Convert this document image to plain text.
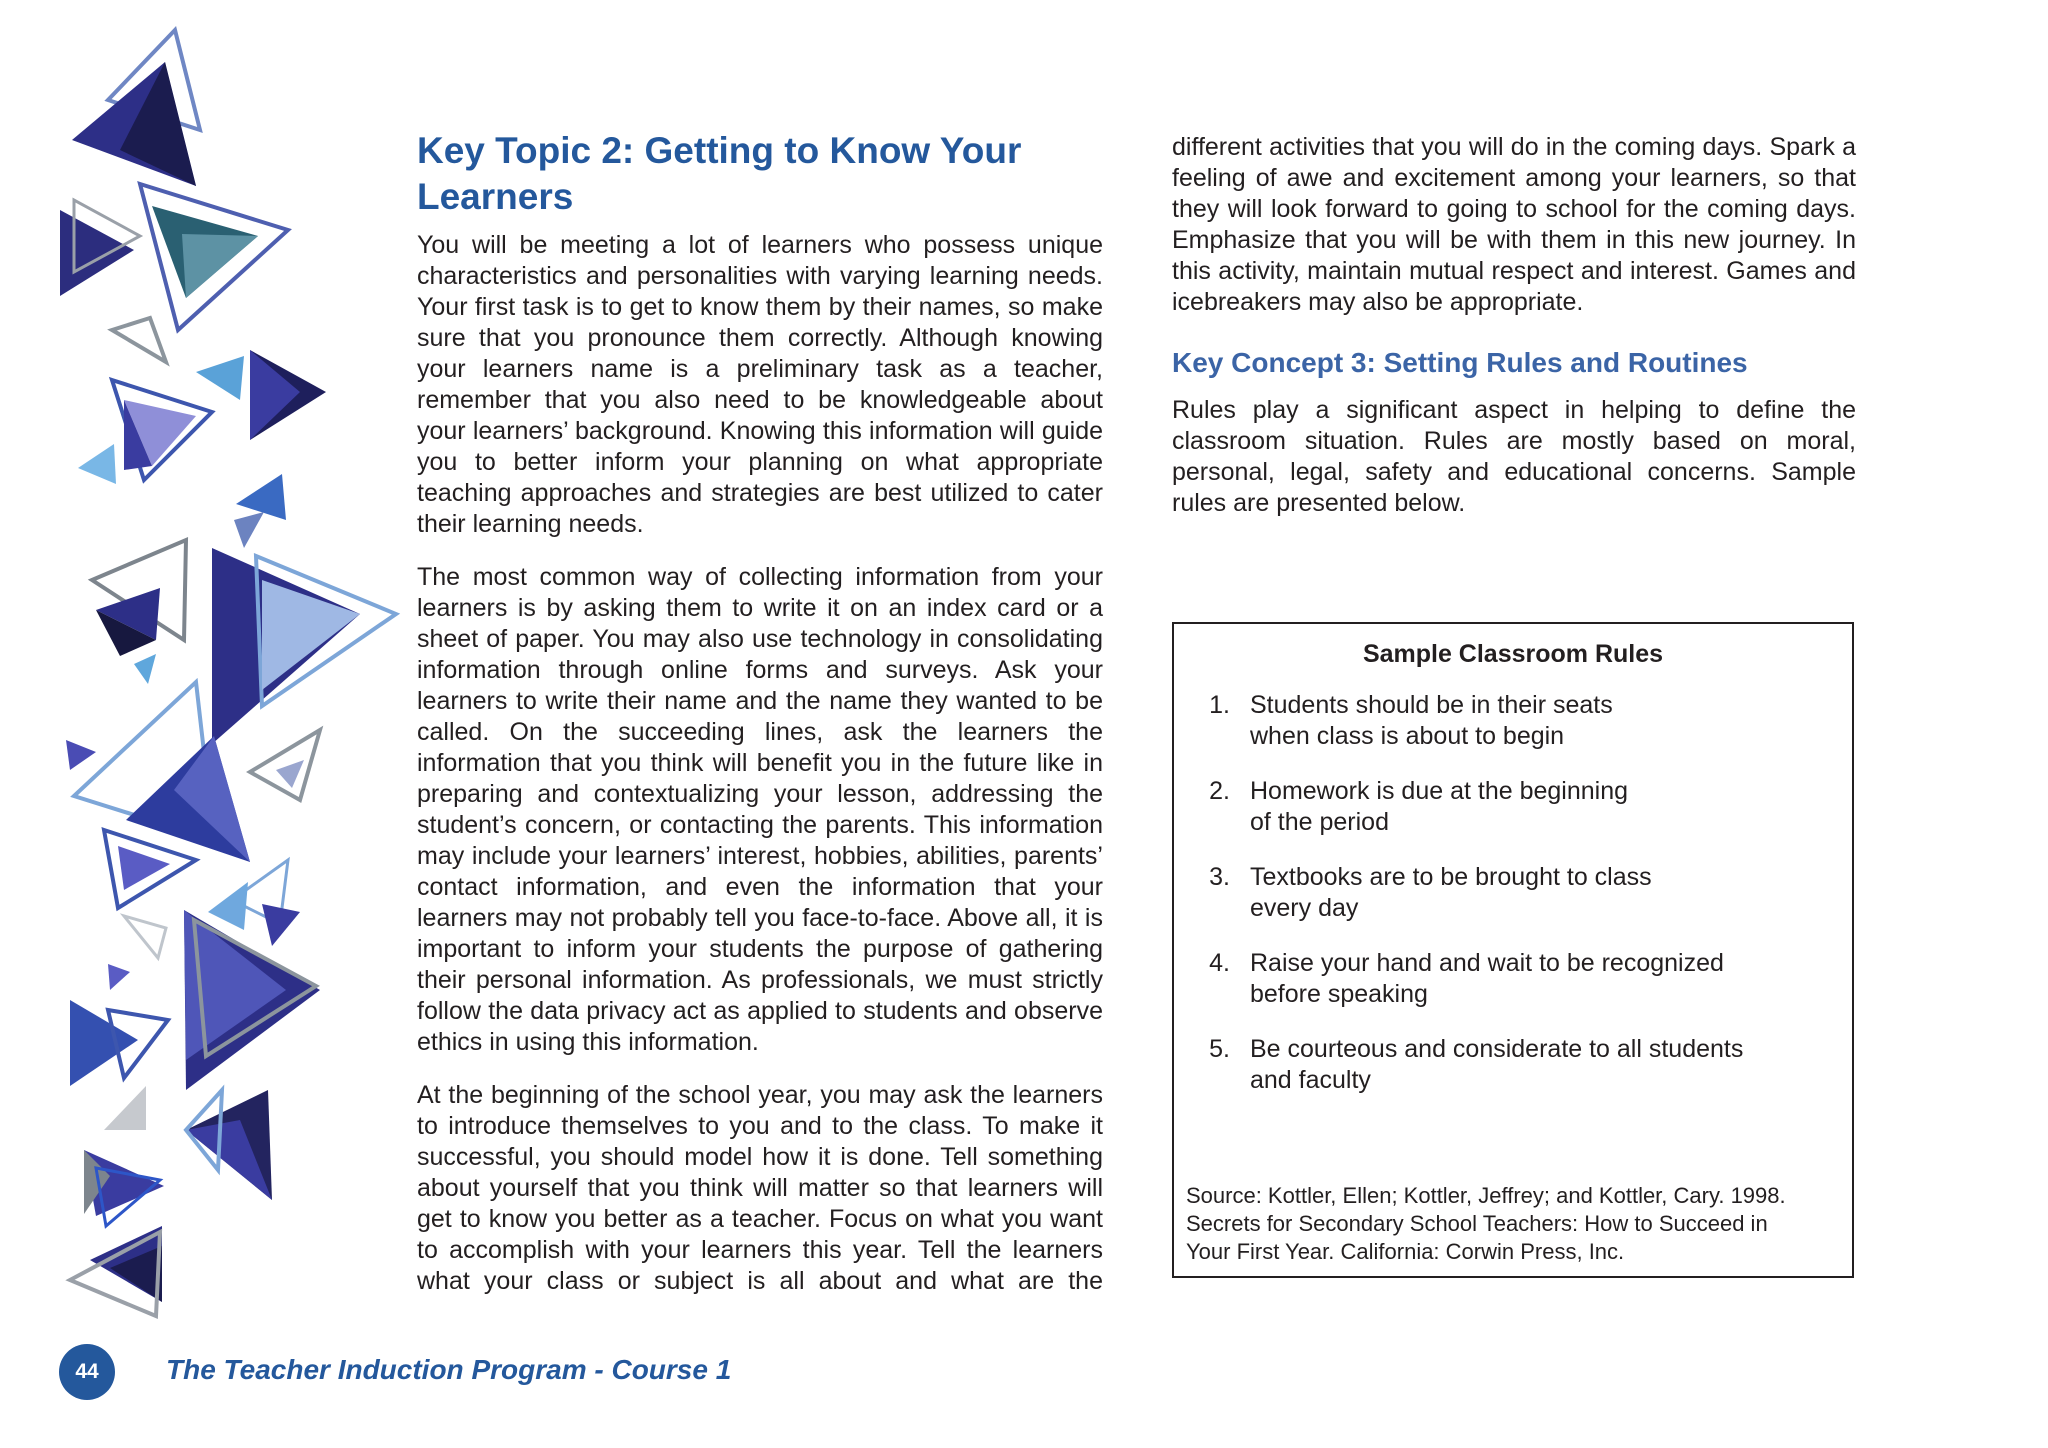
Key Topic 2: Getting to Know Your Learners

You will be meeting a lot of learners who possess unique characteristics and personalities with varying learning needs. Your first task is to get to know them by their names, so make sure that you pronounce them correctly. Although knowing your learners name is a preliminary task as a teacher, remember that you also need to be knowledgeable about your learners’ background. Knowing this information will guide you to better inform your planning on what appropriate teaching approaches and strategies are best utilized to cater their learning needs.

The most common way of collecting information from your learners is by asking them to write it on an index card or a sheet of paper. You may also use technology in consolidating information through online forms and surveys. Ask your learners to write their name and the name they wanted to be called. On the succeeding lines, ask the learners the information that you think will benefit you in the future like in preparing and contextualizing your lesson, addressing the student’s concern, or contacting the parents. This information may include your learners’ interest, hobbies, abilities, parents’ contact information, and even the information that your learners may not probably tell you face-to-face. Above all, it is important to inform your students the purpose of gathering their personal information. As professionals, we must strictly follow the data privacy act as applied to students and observe ethics in using this information.

At the beginning of the school year, you may ask the learners to introduce themselves to you and to the class. To make it successful, you should model how it is done. Tell something about yourself that you think will matter so that learners will get to know you better as a teacher. Focus on what you want to accomplish with your learners this year. Tell the learners what your class or subject is all about and what are the

different activities that you will do in the coming days. Spark a feeling of awe and excitement among your learners, so that they will look forward to going to school for the coming days. Emphasize that you will be with them in this new journey. In this activity, maintain mutual respect and interest. Games and icebreakers may also be appropriate.

Key Concept 3: Setting Rules and Routines

Rules play a significant aspect in helping to define the classroom situation. Rules are mostly based on moral, personal, legal, safety and educational concerns. Sample rules are presented below.

Sample Classroom Rules
1. Students should be in their seats
when class is about to begin
2. Homework is due at the beginning
of the period
3. Textbooks are to be brought to class
every day
4. Raise your hand and wait to be recognized
before speaking
5. Be courteous and considerate to all students
and faculty
Source: Kottler, Ellen; Kottler, Jeffrey; and Kottler, Cary. 1998.
Secrets for Secondary School Teachers: How to Succeed in
Your First Year. California: Corwin Press, Inc.
44	The Teacher Induction Program - Course 1
